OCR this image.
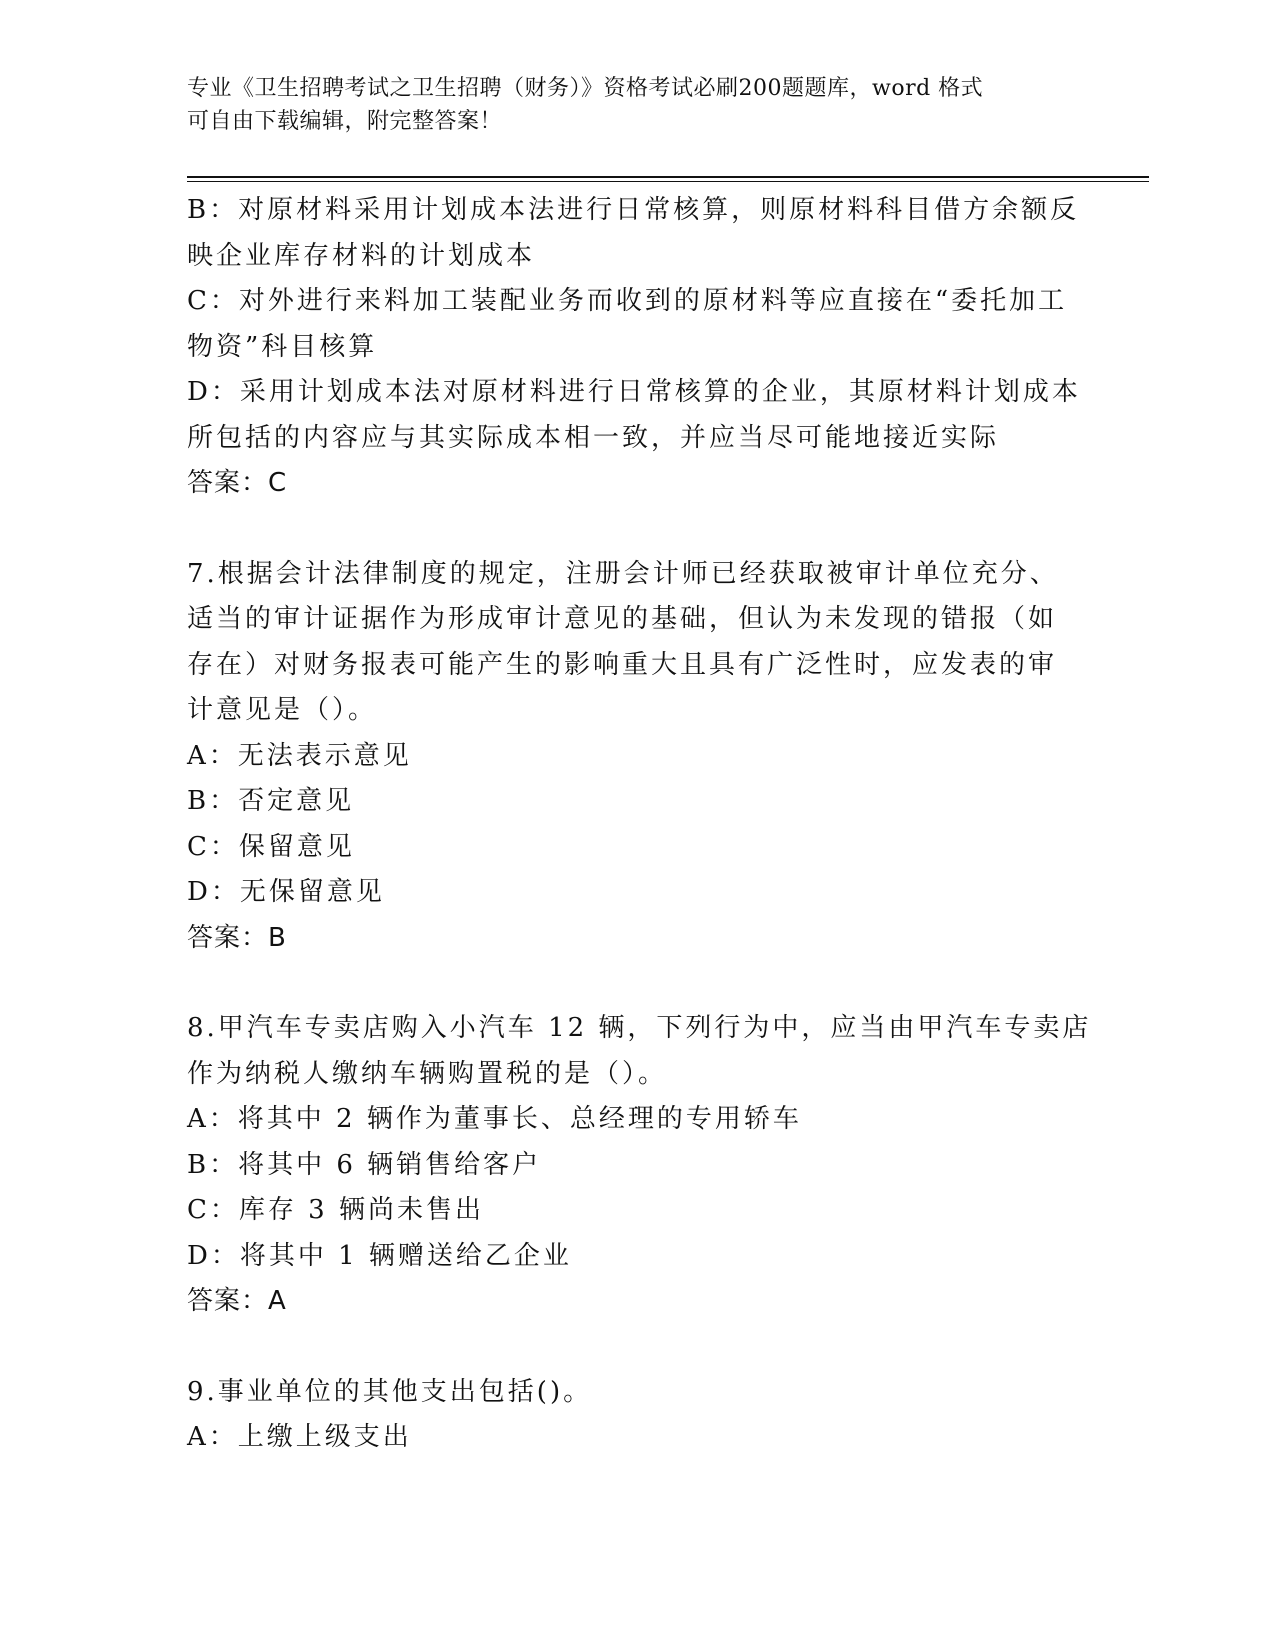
专业《卫生招聘考试之卫生招聘（财务）》资格考试必刷200题题库，word 格式
可自由下载编辑，附完整答案！
B：对原材料采用计划成本法进行日常核算，则原材料科目借方余额反
映企业库存材料的计划成本
C：对外进行来料加工装配业务而收到的原材料等应直接在“委托加工
物资”科目核算
D：采用计划成本法对原材料进行日常核算的企业，其原材料计划成本
所包括的内容应与其实际成本相一致，并应当尽可能地接近实际
答案：C
7.根据会计法律制度的规定，注册会计师已经获取被审计单位充分、
适当的审计证据作为形成审计意见的基础，但认为未发现的错报（如
存在）对财务报表可能产生的影响重大且具有广泛性时，应发表的审
计意见是（）。
A：无法表示意见
B：否定意见
C：保留意见
D：无保留意见
答案：B
8.甲汽车专卖店购入小汽车 12 辆，下列行为中，应当由甲汽车专卖店
作为纳税人缴纳车辆购置税的是（）。
A：将其中 2 辆作为董事长、总经理的专用轿车
B：将其中 6 辆销售给客户
C：库存 3 辆尚未售出
D：将其中 1 辆赠送给乙企业
答案：A
9.事业单位的其他支出包括()。
A：上缴上级支出
